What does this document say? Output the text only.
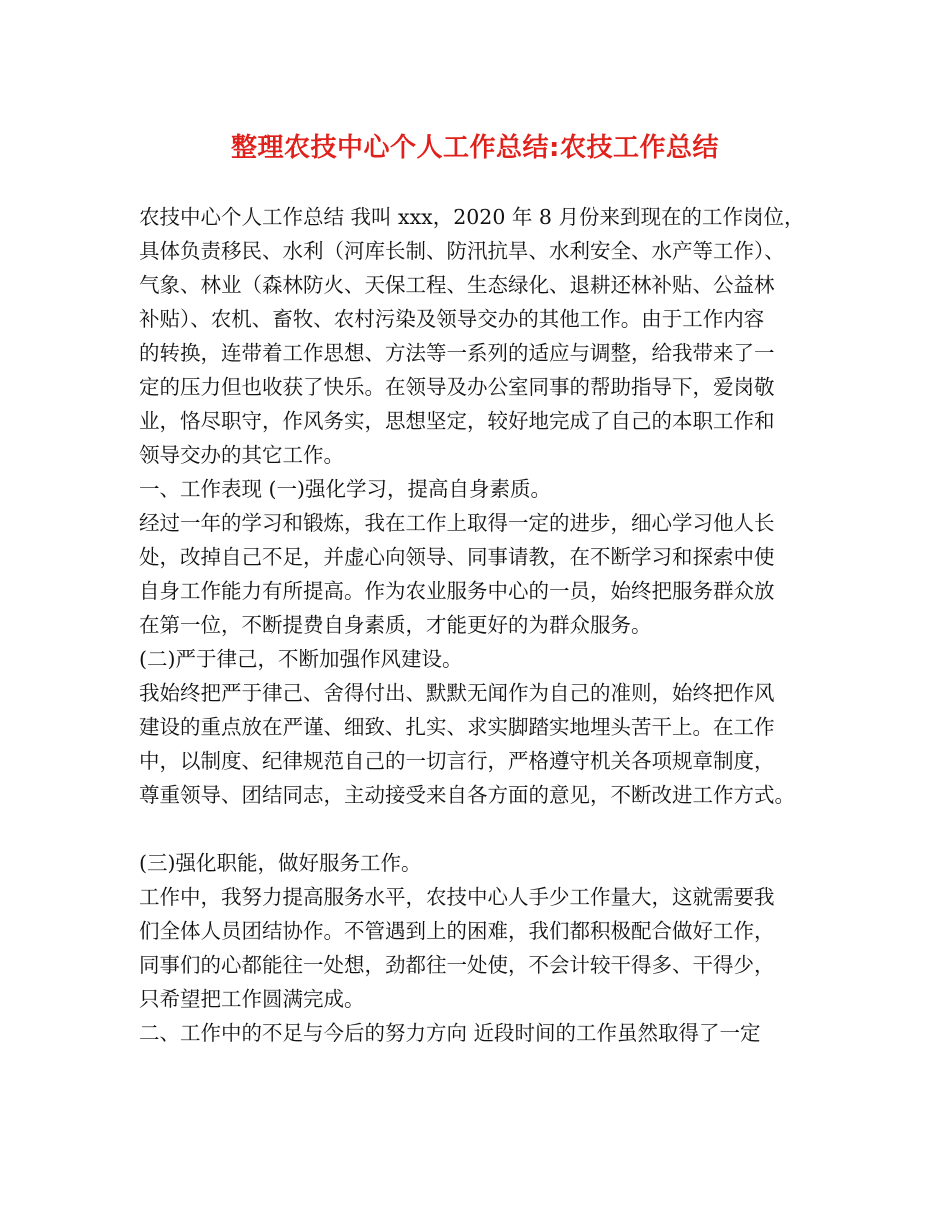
整理农技中心个人工作总结:农技工作总结
农技中心个人工作总结 我叫 xxx，2020 年 8 月份来到现在的工作岗位，
具体负责移民、水利（河库长制、防汛抗旱、水利安全、水产等工作）、
气象、林业（森林防火、天保工程、生态绿化、退耕还林补贴、公益林
补贴）、农机、畜牧、农村污染及领导交办的其他工作。由于工作内容
的转换，连带着工作思想、方法等一系列的适应与调整，给我带来了一
定的压力但也收获了快乐。在领导及办公室同事的帮助指导下，爱岗敬
业，恪尽职守，作风务实，思想坚定，较好地完成了自己的本职工作和
领导交办的其它工作。
一、工作表现 (一)强化学习，提高自身素质。
经过一年的学习和锻炼，我在工作上取得一定的进步，细心学习他人长
处，改掉自己不足，并虚心向领导、同事请教，在不断学习和探索中使
自身工作能力有所提高。作为农业服务中心的一员，始终把服务群众放
在第一位，不断提费自身素质，才能更好的为群众服务。
(二)严于律己，不断加强作风建设。
我始终把严于律己、舍得付出、默默无闻作为自己的准则，始终把作风
建设的重点放在严谨、细致、扎实、求实脚踏实地埋头苦干上。在工作
中，以制度、纪律规范自己的一切言行，严格遵守机关各项规章制度，
尊重领导、团结同志，主动接受来自各方面的意见，不断改进工作方式。
(三)强化职能，做好服务工作。
工作中，我努力提高服务水平，农技中心人手少工作量大，这就需要我
们全体人员团结协作。不管遇到上的困难，我们都积极配合做好工作，
同事们的心都能往一处想，劲都往一处使，不会计较干得多、干得少，
只希望把工作圆满完成。
二、工作中的不足与今后的努力方向 近段时间的工作虽然取得了一定
